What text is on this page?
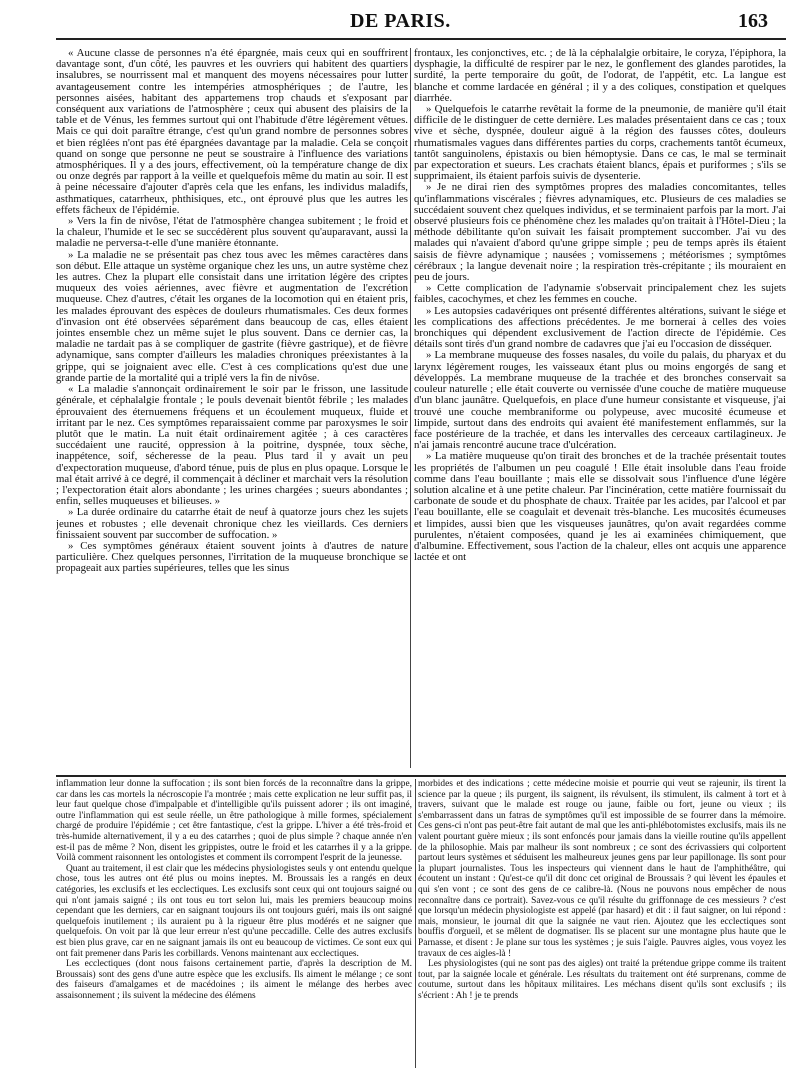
DE PARIS.	163

« Aucune classe de personnes n'a été épargnée, mais ceux qui en souffrirent davantage sont, d'un côté, les pauvres et les ouvriers qui habitent des quartiers insalubres, se nourrissent mal et manquent des moyens nécessaires pour lutter avantageusement contre les intempéries atmosphériques ; de l'autre, les personnes aisées, habitant des appartemens trop chauds et s'exposant par conséquent aux variations de l'atmosphère ; ceux qui abusent des plaisirs de la table et de Vénus, les femmes surtout qui ont l'habitude d'être légèrement vêtues. Mais ce qui doit paraître étrange, c'est qu'un grand nombre de personnes sobres et bien réglées n'ont pas été épargnées davantage par la maladie. Cela se conçoit quand on songe que personne ne peut se soustraire à l'influence des variations atmosphériques. Il y a des jours, effectivement, où la température change de dix ou onze degrés par rapport à la veille et quelquefois même du matin au soir. Il est à peine nécessaire d'ajouter d'après cela que les enfans, les individus maladifs, asthmatiques, catarrheux, phthisiques, etc., ont éprouvé plus que les autres les effets fâcheux de l'épidémie.

» Vers la fin de nivôse, l'état de l'atmosphère changea subitement ; le froid et la chaleur, l'humide et le sec se succédèrent plus souvent qu'auparavant, aussi la maladie ne perversa-t-elle d'une manière étonnante.

» La maladie ne se présentait pas chez tous avec les mêmes caractères dans son début. Elle attaque un système organique chez les uns, un autre système chez les autres. Chez la plupart elle consistait dans une irritation légère des criptes muqueux des voies aériennes, avec fièvre et augmentation de l'excrétion muqueuse. Chez d'autres, c'était les organes de la locomotion qui en étaient pris, les malades éprouvant des espèces de douleurs rhumatismales. Ces deux formes d'invasion ont été observées séparément dans beaucoup de cas, elles étaient jointes ensemble chez un même sujet le plus souvent. Dans ce dernier cas, la maladie ne tardait pas à se compliquer de gastrite (fièvre gastrique), et de fièvre adynamique, sans compter d'ailleurs les maladies chroniques préexistantes à la grippe, qui se joignaient avec elle. C'est à ces complications qu'est due une grande partie de la mortalité qui a triplé vers la fin de nivôse.

« La maladie s'annonçait ordinairement le soir par le frisson, une lassitude générale, et céphalalgie frontale ; le pouls devenait bientôt fébrile ; les malades éprouvaient des éternuemens fréquens et un écoulement muqueux, fluide et irritant par le nez. Ces symptômes reparaissaient comme par paroxysmes le soir plutôt que le matin. La nuit était ordinairement agitée ; à ces caractères succédaient une raucité, oppression à la poitrine, dyspnée, toux sèche, inappétence, soif, sécheresse de la peau. Plus tard il y avait un peu d'expectoration muqueuse, d'abord ténue, puis de plus en plus opaque. Lorsque le mal était arrivé à ce degré, il commençait à décliner et marchait vers la résolution ; l'expectoration était alors abondante ; les urines chargées ; sueurs abondantes ; enfin, selles muqueuses et bilieuses. »

» La durée ordinaire du catarrhe était de neuf à quatorze jours chez les sujets jeunes et robustes ; elle devenait chronique chez les vieillards. Ces derniers finissaient souvent par succomber de suffocation. »

» Ces symptômes généraux étaient souvent joints à d'autres de nature particulière. Chez quelques personnes, l'irritation de la muqueuse bronchique se propageait aux parties supérieures, telles que les sinus

frontaux, les conjonctives, etc. ; de là la céphalalgie orbitaire, le coryza, l'épiphora, la dysphagie, la difficulté de respirer par le nez, le gonflement des glandes parotides, la surdité, la perte temporaire du goût, de l'odorat, de l'appétit, etc. La langue est blanche et comme lardacée en général ; il y a des coliques, constipation et quelques diarrhée.

» Quelquefois le catarrhe revêtait la forme de la pneumonie, de manière qu'il était difficile de le distinguer de cette dernière. Les malades présentaient dans ce cas ; toux vive et sèche, dyspnée, douleur aiguë à la région des fausses côtes, douleurs rhumatismales vagues dans différentes parties du corps, crachements tantôt écumeux, tantôt sanguinolens, épistaxis ou bien hémoptysie. Dans ce cas, le mal se terminait par expectoration et sueurs. Les crachats étaient blancs, épais et puriformes ; s'ils se supprimaient, ils étaient parfois suivis de dysenterie.

» Je ne dirai rien des symptômes propres des maladies concomitantes, telles qu'inflammations viscérales ; fièvres adynamiques, etc. Plusieurs de ces maladies se succédaient souvent chez quelques individus, et se terminaient parfois par la mort. J'ai observé plusieurs fois ce phénomène chez les malades qu'on traitait à l'Hôtel-Dieu ; la méthode débilitante qu'on suivait les faisait promptement succomber. J'ai vu des malades qui n'avaient d'abord qu'une grippe simple ; peu de temps après ils étaient saisis de fièvre adynamique ; nausées ; vomissemens ; météorismes ; symptômes cérébraux ; la langue devenait noire ; la respiration très-crépitante ; ils mouraient en peu de jours.

» Cette complication de l'adynamie s'observait principalement chez les sujets faibles, cacochymes, et chez les femmes en couche.

» Les autopsies cadavériques ont présenté différentes altérations, suivant le siége et les complications des affections précédentes. Je me bornerai à celles des voies bronchiques qui dépendent exclusivement de l'action directe de l'épidémie. Ces détails sont tirés d'un grand nombre de cadavres que j'ai eu l'occasion de disséquer.

» La membrane muqueuse des fosses nasales, du voile du palais, du pharyax et du larynx légèrement rouges, les vaisseaux étant plus ou moins engorgés de sang et développés. La membrane muqueuse de la trachée et des bronches conservait sa couleur naturelle ; elle était couverte ou vernissée d'une couche de matière muqueuse d'un blanc jaunâtre. Quelquefois, en place d'une humeur consistante et visqueuse, j'ai trouvé une couche membraniforme ou polypeuse, avec mucosité écumeuse et limpide, surtout dans des endroits qui avaient été manifestement enflammés, sur la face postérieure de la trachée, et dans les intervalles des cerceaux cartilagineux. Je n'ai jamais rencontré aucune trace d'ulcération.

» La matière muqueuse qu'on tirait des bronches et de la trachée présentait toutes les propriétés de l'albumen un peu coagulé ! Elle était insoluble dans l'eau froide comme dans l'eau bouillante ; mais elle se dissolvait sous l'influence d'une légère solution alcaline et à une petite chaleur. Par l'incinération, cette matière fournissait du carbonate de soude et du phosphate de chaux. Traitée par les acides, par l'alcool et par l'eau bouillante, elle se coagulait et devenait très-blanche. Les mucosités écumeuses et limpides, aussi bien que les visqueuses jaunâtres, qu'on avait regardées comme purulentes, n'étaient composées, quand je les ai examinées chimiquement, que d'albumine. Effectivement, sous l'action de la chaleur, elles ont acquis une apparence lactée et ont

inflammation leur donne la suffocation ; ils sont bien forcés de la reconnaître dans la grippe, car dans les cas mortels la nécroscopie l'a montrée ; mais cette explication ne leur suffit pas, il leur faut quelque chose d'impalpable et d'intelligible qu'ils puissent adorer ; ils ont imaginé, outre l'inflammation qui est seule réelle, un être pathologique à mille formes, spécialement chargé de produire l'épidémie ; cet être fantastique, c'est la grippe. L'hiver a été très-froid et très-humide alternativement, il y a eu des catarrhes ; quoi de plus simple ? chaque année n'en est-il pas de même ? Non, disent les grippistes, outre le froid et les catarrhes il y a la grippe. Voilà comment raisonnent les ontologistes et comment ils corrompent l'esprit de la jeunesse.

Quant au traitement, il est clair que les médecins physiologistes seuls y ont entendu quelque chose, tous les autres ont été plus ou moins ineptes. M. Broussais les a rangés en deux catégories, les exclusifs et les ecclectiques. Les exclusifs sont ceux qui ont toujours saigné ou qui n'ont jamais saigné ; ils ont tous eu tort selon lui, mais les premiers beaucoup moins cependant que les derniers, car en saignant toujours ils ont toujours guéri, mais ils ont saigné quelquefois inutilement ; ils auraient pu à la rigueur être plus modérés et ne saigner que quelquefois. On voit par là que leur erreur n'est qu'une peccadille. Celle des autres exclusifs est bien plus grave, car en ne saignant jamais ils ont eu beaucoup de victimes. Ce sont eux qui ont fait premener dans Paris les corbillards. Venons maintenant aux ecclectiques.

Les ecclectiques (dont nous faisons certainement partie, d'après la description de M. Broussais) sont des gens d'une autre espèce que les exclusifs. Ils aiment le mélange ; ce sont des faiseurs d'amalgames et de macédoines ; ils aiment le mélange des herbes avec assaisonnement ; ils suivent la médecine des élémens

morbides et des indications ; cette médecine moisie et pourrie qui veut se rajeunir, ils tirent la science par la queue ; ils purgent, ils saignent, ils révulsent, ils stimulent, ils calment à tort et à travers, suivant que le malade est rouge ou jaune, faible ou fort, jeune ou vieux ; ils s'embarrassent dans un fatras de symptômes qu'il est impossible de se fourrer dans la mémoire. Ces gens-ci n'ont pas peut-être fait autant de mal que les anti-phlébotomistes exclusifs, mais ils ne valent pourtant guère mieux ; ils sont enfoncés pour jamais dans la vieille routine qu'ils appellent de la philosophie. Mais par malheur ils sont nombreux ; ce sont des écrivassiers qui colportent partout leurs systèmes et séduisent les malheureux jeunes gens par leur papillonage. Ils sont pour la plupart journalistes. Tous les inspecteurs qui viennent dans le haut de l'amphithéâtre, qui écoutent un instant : Qu'est-ce qu'il dit donc cet original de Broussais ? qui lèvent les épaules et qui s'en vont ; ce sont des gens de ce calibre-là. (Nous ne pouvons nous empêcher de nous reconnaître dans ce portrait). Savez-vous ce qu'il résulte du griffonnage de ces messieurs ? c'est que lorsqu'un médecin physiologiste est appelé (par hasard) et dit : il faut saigner, on lui répond : mais, monsieur, le journal dit que la saignée ne vaut rien. Ajoutez que les ecclectiques sont bouffis d'orgueil, et se mêlent de dogmatiser. Ils se placent sur une montagne plus haute que le Parnasse, et disent : Je plane sur tous les systèmes ; je suis l'aigle. Pauvres aigles, vous voyez les travaux de ces aigles-là !

Les physiologistes (qui ne sont pas des aigles) ont traité la prétendue grippe comme ils traitent tout, par la saignée locale et générale. Les résultats du traitement ont été surprenans, comme de coutume, surtout dans les hôpitaux militaires. Les méchans disent qu'ils sont exclusifs ; ils s'écrient : Ah ! je te prends
